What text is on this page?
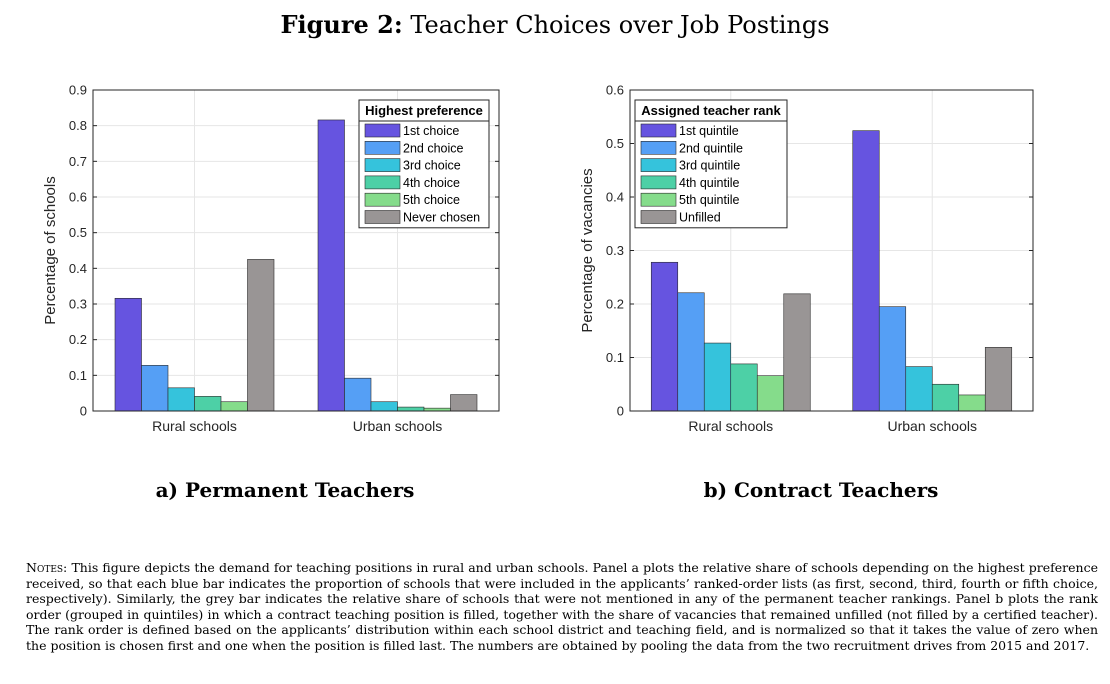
Figure 2: Teacher Choices over Job Postings
0
0.1
0.2
0.3
0.4
0.5
0.6
0.7
0.8
0.9
Rural schools	Urban schools
Percentage of schools
Highest preference
1st choice
2nd choice
3rd choice
4th choice
5th choice
Never chosen
0
0.1
0.2
0.3
0.4
0.5
0.6
Rural schools	Urban schools
Percentage of vacancies
Assigned teacher rank
1st quintile
2nd quintile
3rd quintile
4th quintile
5th quintile
Unfilled
a) Permanent Teachers	b) Contract Teachers
Notes: This figure depicts the demand for teaching positions in rural and urban schools. Panel a plots the relative share of schools depending on the highest preference received, so that each blue bar indicates the proportion of schools that were included in the applicants’ ranked-order lists (as first, second, third, fourth or fifth choice, respectively). Similarly, the grey bar indicates the relative share of schools that were not mentioned in any of the permanent teacher rankings. Panel b plots the rank order (grouped in quintiles) in which a contract teaching position is filled, together with the share of vacancies that remained unfilled (not filled by a certified teacher). The rank order is defined based on the applicants’ distribution within each school district and teaching field, and is normalized so that it takes the value of zero when the position is chosen first and one when the position is filled last. The numbers are obtained by pooling the data from the two recruitment drives from 2015 and 2017.
